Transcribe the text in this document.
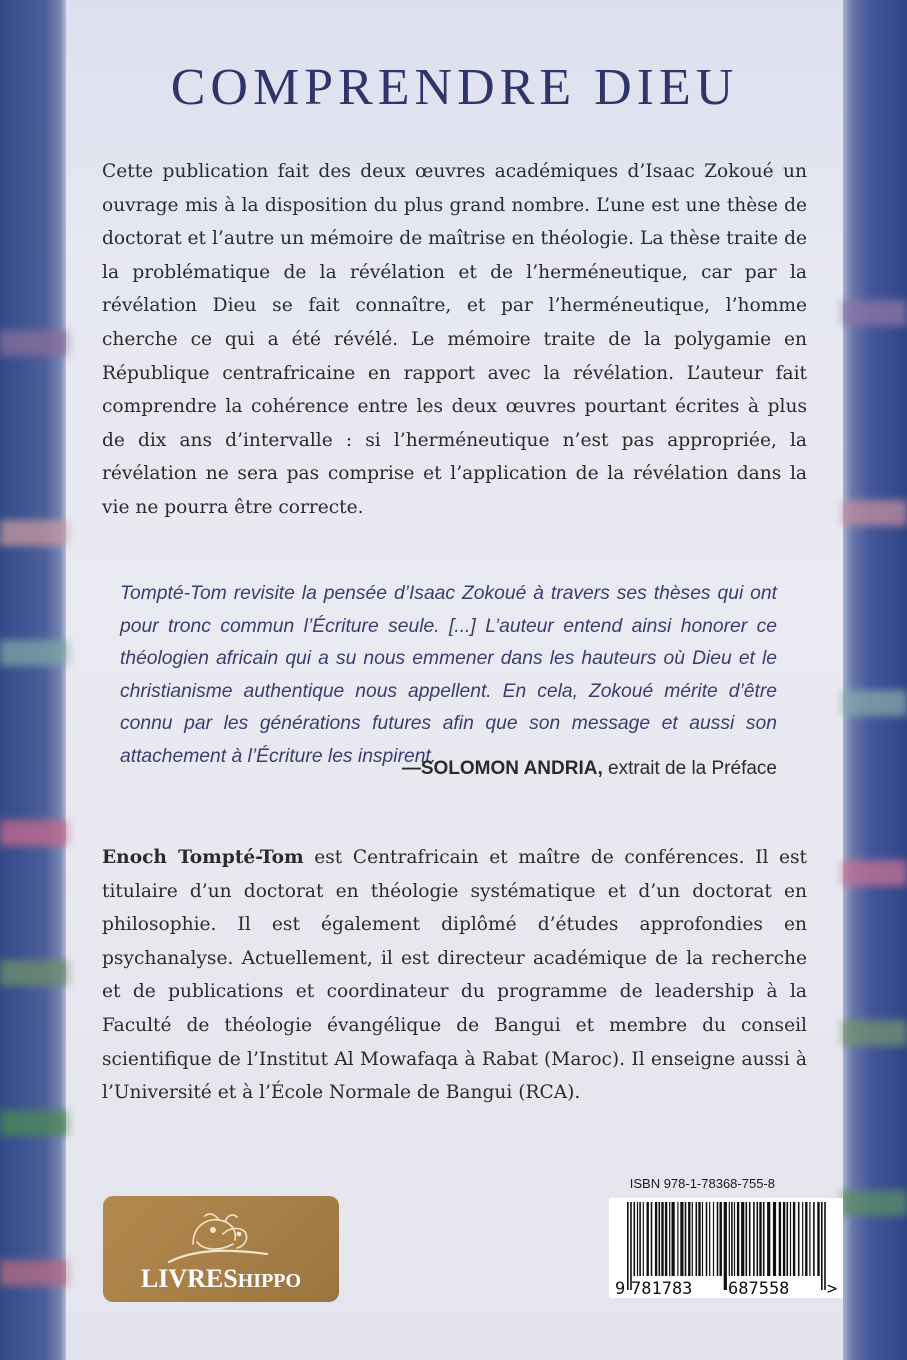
COMPRENDRE DIEU

Cette publication fait des deux œuvres académiques d’Isaac Zokoué un ouvrage mis à la disposition du plus grand nombre. L’une est une thèse de doctorat et l’autre un mémoire de maîtrise en théologie. La thèse traite de la problématique de la révélation et de l’herméneutique, car par la révélation Dieu se fait connaître, et par l’herméneutique, l’homme cherche ce qui a été révélé. Le mémoire traite de la polygamie en République centrafricaine en rapport avec la révélation. L’auteur fait comprendre la cohérence entre les deux œuvres pourtant écrites à plus de dix ans d’intervalle : si l’herméneutique n’est pas appropriée, la révélation ne sera pas comprise et l’application de la révélation dans la vie ne pourra être correcte.

Tompté-Tom revisite la pensée d’Isaac Zokoué à travers ses thèses qui ont pour tronc commun l’Écriture seule. [...] L’auteur entend ainsi honorer ce théologien africain qui a su nous emmener dans les hauteurs où Dieu et le christianisme authentique nous appellent. En cela, Zokoué mérite d’être connu par les générations futures afin que son message et aussi son attachement à l’Écriture les inspirent.

—SOLOMON ANDRIA, extrait de la Préface

Enoch Tompté-Tom est Centrafricain et maître de conférences. Il est titulaire d’un doctorat en théologie systématique et d’un doctorat en philosophie. Il est également diplômé d’études approfondies en psychanalyse. Actuellement, il est directeur académique de la recherche et de publications et coordinateur du programme de leadership à la Faculté de théologie évangélique de Bangui et membre du conseil scientifique de l’Institut Al Mowafaqa à Rabat (Maroc). Il enseigne aussi à l’Université et à l’École Normale de Bangui (RCA).

LIVRESHIPPO

ISBN 978-1-78368-755-8

9 781783 687558 >
